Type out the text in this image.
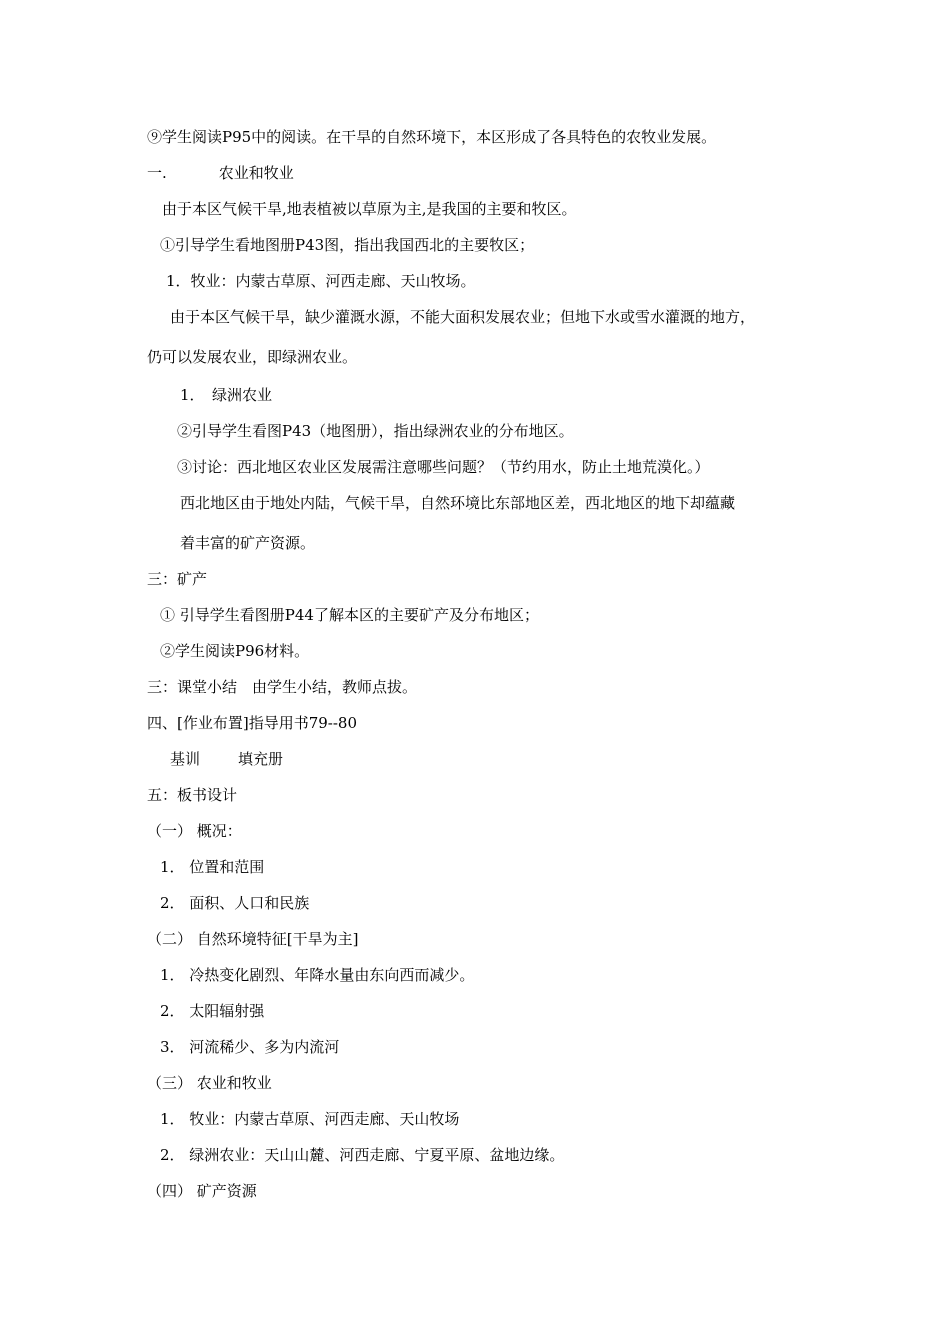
⑨学生阅读P95中的阅读。在干旱的自然环境下，本区形成了各具特色的农牧业发展。
一.	农业和牧业
由于本区气候干旱,地表植被以草原为主,是我国的主要和牧区。
①引导学生看地图册P43图，指出我国西北的主要牧区；
1．牧业：内蒙古草原、河西走廊、天山牧场。
由于本区气候干旱，缺少灌溉水源，不能大面积发展农业；但地下水或雪水灌溉的地方，
仍可以发展农业，即绿洲农业。
1．　绿洲农业
②引导学生看图P43（地图册），指出绿洲农业的分布地区。
③讨论：西北地区农业区发展需注意哪些问题？（节约用水，防止土地荒漠化。）
西北地区由于地处内陆，气候干旱，自然环境比东部地区差，西北地区的地下却蕴藏
着丰富的矿产资源。
三：矿产
① 引导学生看图册P44了解本区的主要矿产及分布地区；
②学生阅读P96材料。
三：课堂小结　由学生小结，教师点拔。
四、[作业布置]指导用书79--80
基训	填充册
五：板书设计
（一） 概况：
1． 位置和范围
2． 面积、人口和民族
（二） 自然环境特征[干旱为主]
1． 冷热变化剧烈、年降水量由东向西而减少。
2． 太阳辐射强
3． 河流稀少、多为内流河
（三） 农业和牧业
1． 牧业：内蒙古草原、河西走廊、天山牧场
2． 绿洲农业：天山山麓、河西走廊、宁夏平原、盆地边缘。
（四） 矿产资源
